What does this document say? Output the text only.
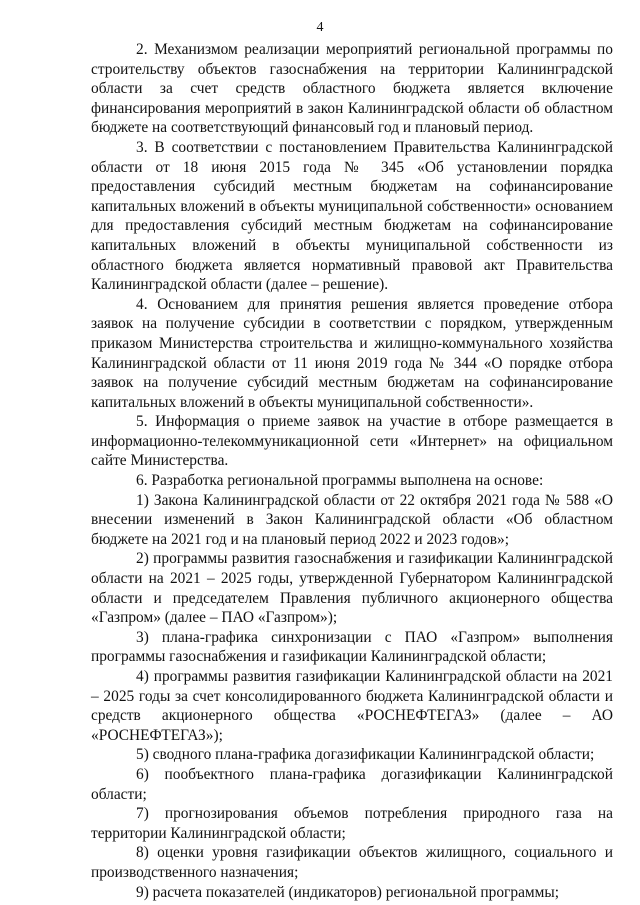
4

2. Механизмом реализации мероприятий региональной программы по строительству объектов газоснабжения на территории Калининградской области за счет средств областного бюджета является включение финансирования мероприятий в закон Калининградской области об областном бюджете на соответствующий финансовый год и плановый период.

3. В соответствии с постановлением Правительства Калининградской области от 18 июня 2015 года № 345 «Об установлении порядка предоставления субсидий местным бюджетам на софинансирование капитальных вложений в объекты муниципальной собственности» основанием для предоставления субсидий местным бюджетам на софинансирование капитальных вложений в объекты муниципальной собственности из областного бюджета является нормативный правовой акт Правительства Калининградской области (далее – решение).

4. Основанием для принятия решения является проведение отбора заявок на получение субсидии в соответствии с порядком, утвержденным приказом Министерства строительства и жилищно-коммунального хозяйства Калининградской области от 11 июня 2019 года № 344 «О порядке отбора заявок на получение субсидий местным бюджетам на софинансирование капитальных вложений в объекты муниципальной собственности».

5. Информация о приеме заявок на участие в отборе размещается в информационно-телекоммуникационной сети «Интернет» на официальном сайте Министерства.

6. Разработка региональной программы выполнена на основе:

1) Закона Калининградской области от 22 октября 2021 года № 588 «О внесении изменений в Закон Калининградской области «Об областном бюджете на 2021 год и на плановый период 2022 и 2023 годов»;

2) программы развития газоснабжения и газификации Калининградской области на 2021 – 2025 годы, утвержденной Губернатором Калининградской области и председателем Правления публичного акционерного общества «Газпром» (далее – ПАО «Газпром»);

3) плана-графика синхронизации с ПАО «Газпром» выполнения программы газоснабжения и газификации Калининградской области;

4) программы развития газификации Калининградской области на 2021 – 2025 годы за счет консолидированного бюджета Калининградской области и средств акционерного общества «РОСНЕФТЕГАЗ» (далее – АО «РОСНЕФТЕГАЗ»);

5) сводного плана-графика догазификации Калининградской области;

6) пообъектного плана-графика догазификации Калининградской области;

7) прогнозирования объемов потребления природного газа на территории Калининградской области;

8) оценки уровня газификации объектов жилищного, социального и производственного назначения;

9) расчета показателей (индикаторов) региональной программы;
